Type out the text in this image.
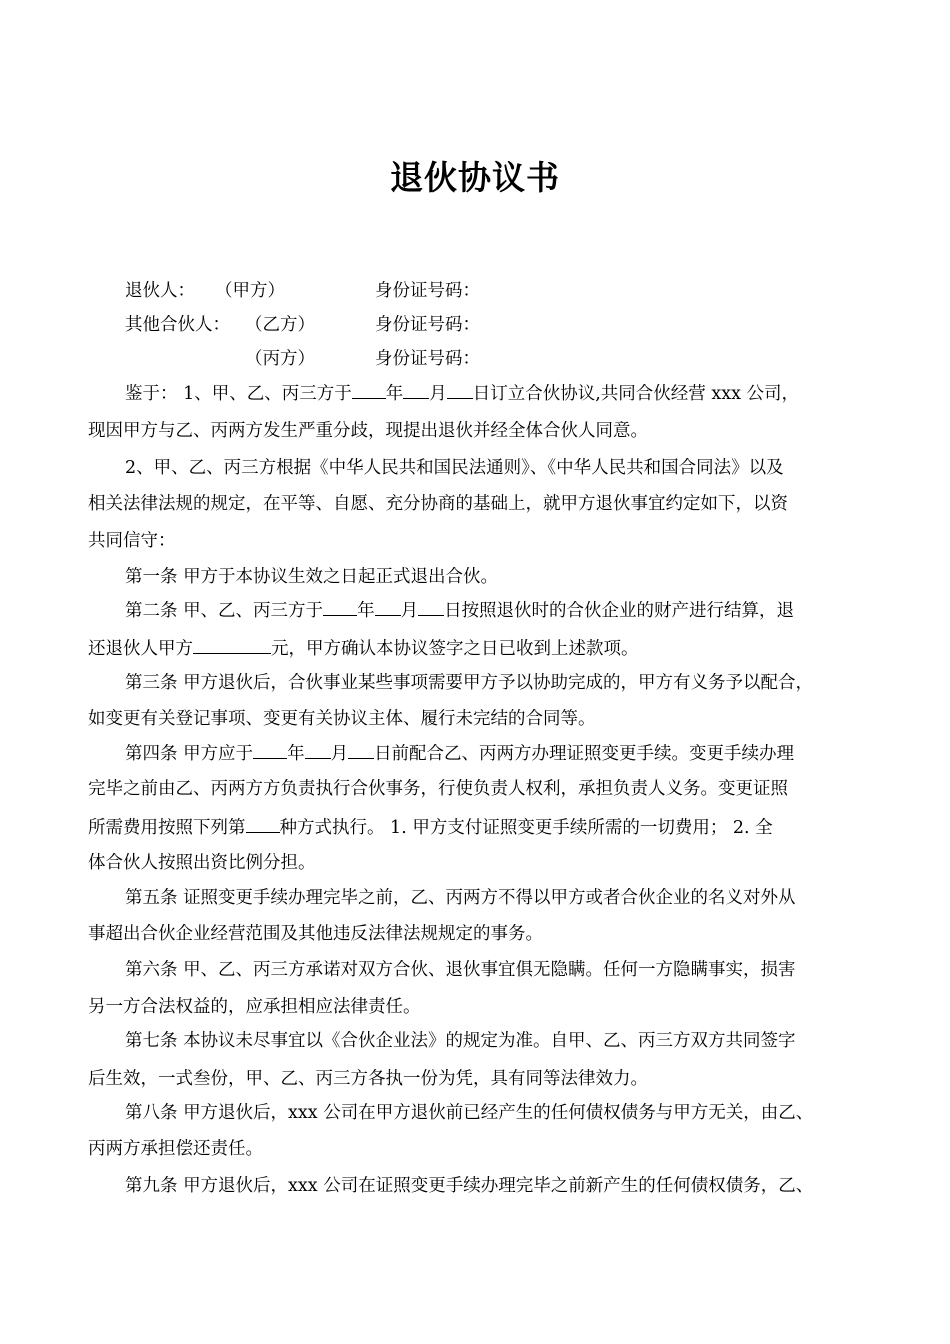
退伙协议书
退伙人： （甲方）	身份证号码：
其他合伙人： （乙方）	身份证号码：
（丙方）	身份证号码：
鉴于： 1、甲、乙、丙三方于 年 月 日订立合伙协议,共同合伙经营 xxx 公司，
现因甲方与乙、丙两方发生严重分歧，现提出退伙并经全体合伙人同意。
2、甲、乙、丙三方根据《中华人民共和国民法通则》、《中华人民共和国合同法》以及
相关法律法规的规定，在平等、自愿、充分协商的基础上，就甲方退伙事宜约定如下，以资
共同信守：
第一条 甲方于本协议生效之日起正式退出合伙。
第二条 甲、乙、丙三方于 年 月 日按照退伙时的合伙企业的财产进行结算，退
还退伙人甲方	元，甲方确认本协议签字之日已收到上述款项。
第三条 甲方退伙后，合伙事业某些事项需要甲方予以协助完成的，甲方有义务予以配合，
如变更有关登记事项、变更有关协议主体、履行未完结的合同等。
第四条 甲方应于 年 月 日前配合乙、丙两方办理证照变更手续。变更手续办理
完毕之前由乙、丙两方方负责执行合伙事务，行使负责人权利，承担负责人义务。变更证照
所需费用按照下列第 种方式执行。 1. 甲方支付证照变更手续所需的一切费用； 2. 全
体合伙人按照出资比例分担。
第五条 证照变更手续办理完毕之前，乙、丙两方不得以甲方或者合伙企业的名义对外从
事超出合伙企业经营范围及其他违反法律法规规定的事务。
第六条 甲、乙、丙三方承诺对双方合伙、退伙事宜俱无隐瞒。任何一方隐瞒事实，损害
另一方合法权益的，应承担相应法律责任。
第七条 本协议未尽事宜以《合伙企业法》的规定为准。自甲、乙、丙三方双方共同签字
后生效，一式叁份，甲、乙、丙三方各执一份为凭，具有同等法律效力。
第八条 甲方退伙后，xxx 公司在甲方退伙前已经产生的任何债权债务与甲方无关，由乙、
丙两方承担偿还责任。
第九条 甲方退伙后，xxx 公司在证照变更手续办理完毕之前新产生的任何债权债务，乙、
